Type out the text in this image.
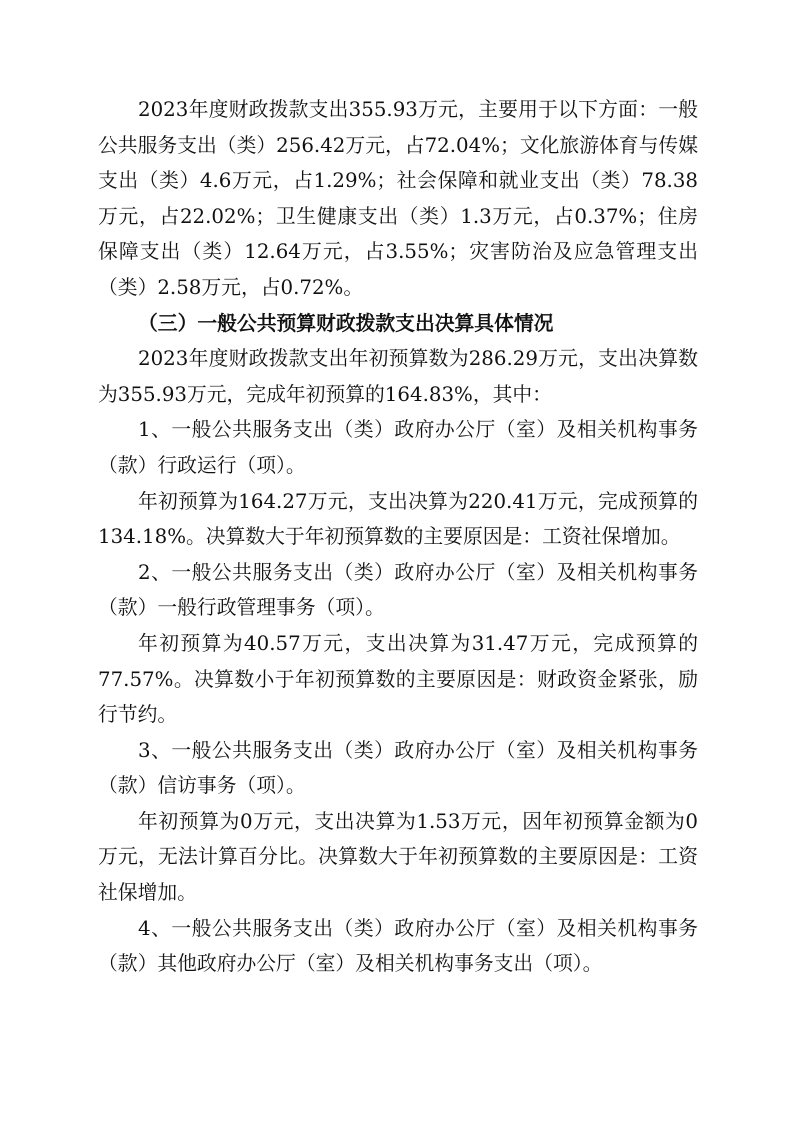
2023年度财政拨款支出355.93万元，主要用于以下方面：一般公共服务支出（类）256.42万元，占72.04%；文化旅游体育与传媒支出（类）4.6万元，占1.29%；社会保障和就业支出（类）78.38万元，占22.02%；卫生健康支出（类）1.3万元，占0.37%；住房保障支出（类）12.64万元，占3.55%；灾害防治及应急管理支出（类）2.58万元，占0.72%。

（三）一般公共预算财政拨款支出决算具体情况

2023年度财政拨款支出年初预算数为286.29万元，支出决算数为355.93万元，完成年初预算的164.83%，其中：

1、一般公共服务支出（类）政府办公厅（室）及相关机构事务（款）行政运行（项）。

年初预算为164.27万元，支出决算为220.41万元，完成预算的134.18%。决算数大于年初预算数的主要原因是：工资社保增加。

2、一般公共服务支出（类）政府办公厅（室）及相关机构事务（款）一般行政管理事务（项）。

年初预算为40.57万元，支出决算为31.47万元，完成预算的77.57%。决算数小于年初预算数的主要原因是：财政资金紧张，励行节约。

3、一般公共服务支出（类）政府办公厅（室）及相关机构事务（款）信访事务（项）。

年初预算为0万元，支出决算为1.53万元，因年初预算金额为0万元，无法计算百分比。决算数大于年初预算数的主要原因是：工资社保增加。

4、一般公共服务支出（类）政府办公厅（室）及相关机构事务（款）其他政府办公厅（室）及相关机构事务支出（项）。
